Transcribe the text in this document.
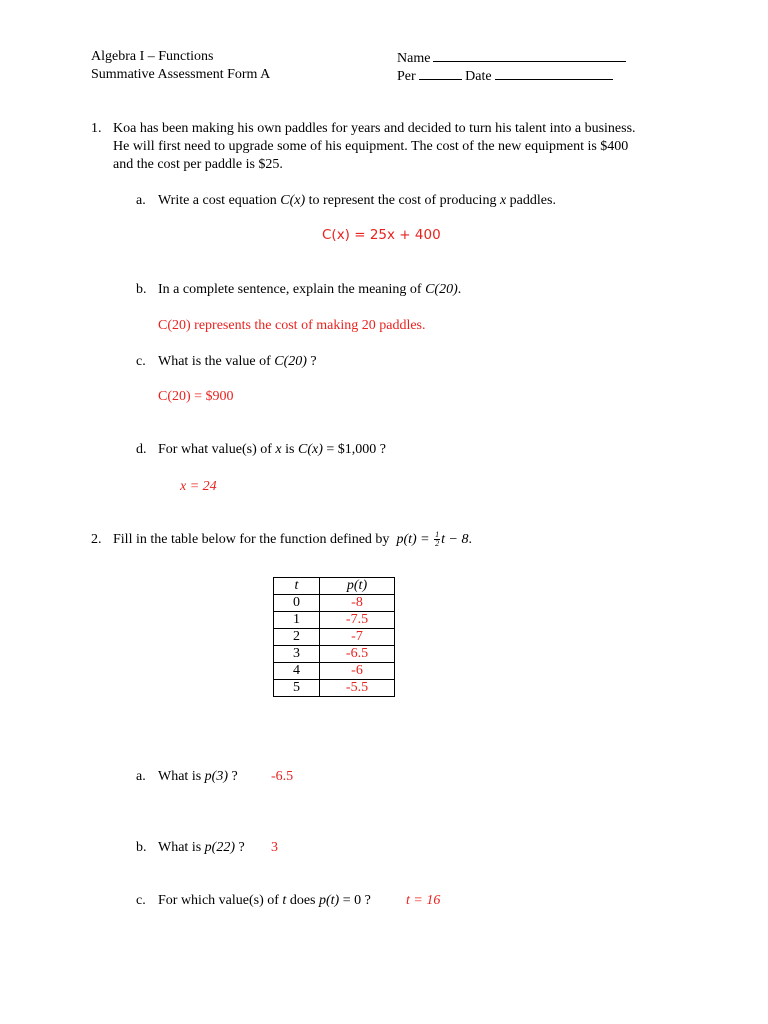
Algebra I – Functions
Summative Assessment Form A
Name
Per	Date
1. Koa has been making his own paddles for years and decided to turn his talent into a business.
He will first need to upgrade some of his equipment. The cost of the new equipment is $400
and the cost per paddle is $25.
a. Write a cost equation C(x) to represent the cost of producing x paddles.
C(x) = 25x + 400
b. In a complete sentence, explain the meaning of C(20).
C(20) represents the cost of making 20 paddles.
c. What is the value of C(20) ?
C(20) = $900
d. For what value(s) of x is C(x) = $1,000 ?
x = 24
2. Fill in the table below for the function defined by $p(t) = \frac{1}{2}$ t − 8.
t	p(t)
0	-8
1	-7.5
2	-7
3	-6.5
4	-6
5	-5.5
a. What is p(3) ? -6.5
b. What is p(22) ? 3
c. For which value(s) of t does p(t) = 0 ?	t = 16
